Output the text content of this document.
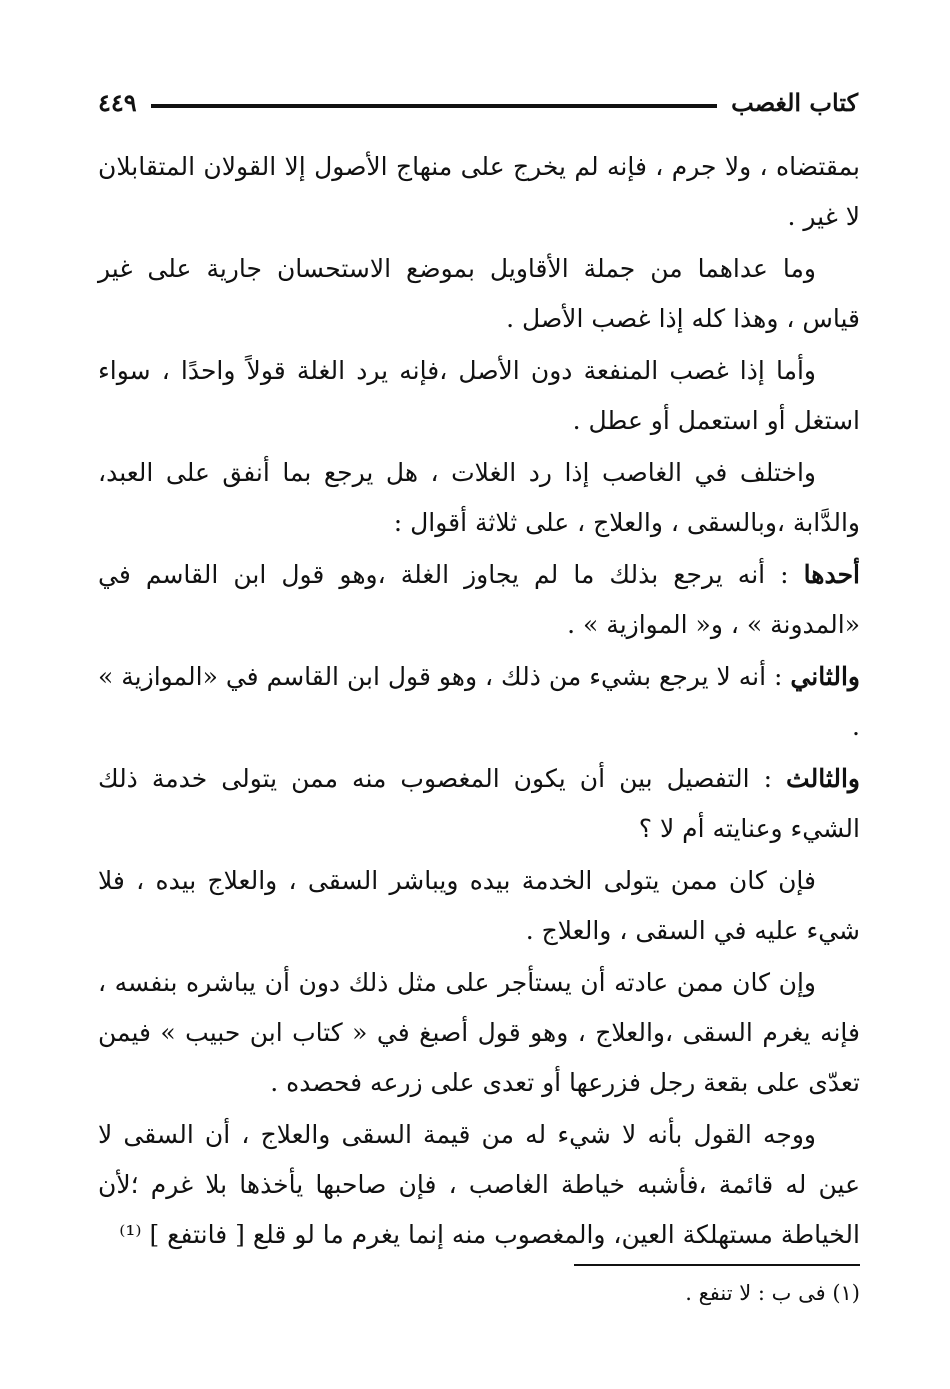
كتاب الغصب
٤٤٩

بمقتضاه ، ولا جرم ، فإنه لم يخرج على منهاج الأصول إلا القولان المتقابلان لا غير .

وما عداهما من جملة الأقاويل بموضع الاستحسان جارية على غير قياس ، وهذا كله إذا غصب الأصل .

وأما إذا غصب المنفعة دون الأصل ،فإنه يرد الغلة قولاً واحدًا ، سواء استغل أو استعمل أو عطل .

واختلف في الغاصب إذا رد الغلات ، هل يرجع بما أنفق على العبد، والدَّابة ،وبالسقى ، والعلاج ، على ثلاثة أقوال :

أحدها : أنه يرجع بذلك ما لم يجاوز الغلة ،وهو قول ابن القاسم في «المدونة » ، و« الموازية » .

والثاني : أنه لا يرجع بشيء من ذلك ، وهو قول ابن القاسم في «الموازية » .

والثالث : التفصيل بين أن يكون المغصوب منه ممن يتولى خدمة ذلك الشيء وعنايته أم لا ؟

فإن كان ممن يتولى الخدمة بيده ويباشر السقى ، والعلاج بيده ، فلا شيء عليه في السقى ، والعلاج .

وإن كان ممن عادته أن يستأجر على مثل ذلك دون أن يباشره بنفسه ، فإنه يغرم السقى ،والعلاج ، وهو قول أصبغ في « كتاب ابن حبيب » فيمن تعدّى على بقعة رجل فزرعها أو تعدى على زرعه فحصده .

ووجه القول بأنه لا شيء له من قيمة السقى والعلاج ، أن السقى لا عين له قائمة ،فأشبه خياطة الغاصب ، فإن صاحبها يأخذها بلا غرم ؛لأن الخياطة مستهلكة العين، والمغصوب منه إنما يغرم ما لو قلع [ فانتفع ] ⁽¹⁾

(١) فى ب : لا تنفع .
